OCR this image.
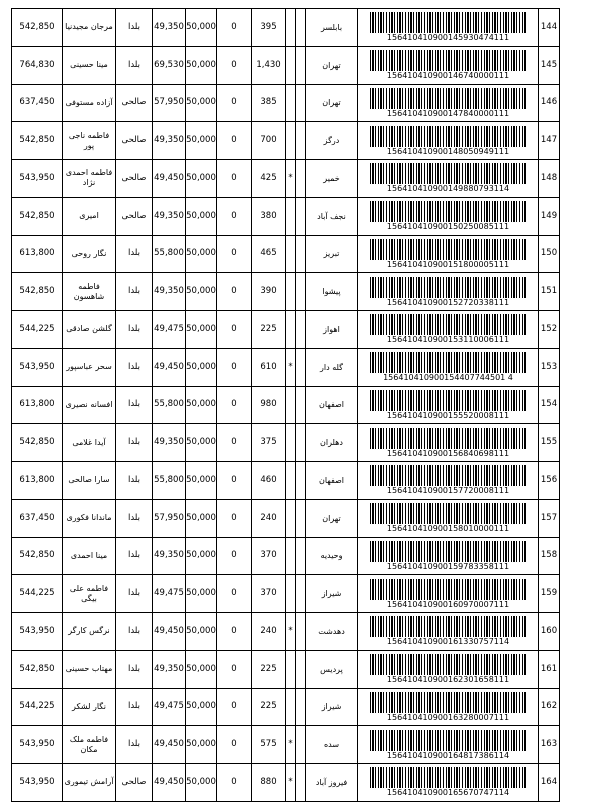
542,850	مرجان مجیدنیا	بلدا	49,350	50,000	0	395			بابلسر	156410410900145930474111	144
764,830	مینا حسینی	بلدا	69,530	50,000	0	1,430			تهران	156410410900146740000111	145
637,450	آزاده مستوفی	صالحی	57,950	50,000	0	385			تهران	156410410900147840000111	146
542,850	فاطمه ناجی پور	صالحی	49,350	50,000	0	700			درگز	156410410900148050949111	147
543,950	فاطمه احمدی نژاد	صالحی	49,450	50,000	0	425	*		خمیر	156410410900149880793114	148
542,850	امیری	صالحی	49,350	50,000	0	380			نجف آباد	156410410900150250085111	149
613,800	نگار روحی	بلدا	55,800	50,000	0	465			تبریز	156410410900151800005111	150
542,850	فاطمه شاهسون	بلدا	49,350	50,000	0	390			پیشوا	156410410900152720338111	151
544,225	گلشن صادقی	بلدا	49,475	50,000	0	225			اهواز	156410410900153110006111	152
543,950	سحر عباسپور	بلدا	49,450	50,000	0	610	*		گله دار	156410410900154407744501 4	153
613,800	افسانه نصیری	بلدا	55,800	50,000	0	980			اصفهان	156410410900155520008111	154
542,850	آیدا غلامی	بلدا	49,350	50,000	0	375			دهلران	156410410900156840698111	155
613,800	سارا صالحی	بلدا	55,800	50,000	0	460			اصفهان	156410410900157720008111	156
637,450	ماندانا فکوری	بلدا	57,950	50,000	0	240			تهران	156410410900158010000111	157
542,850	مینا احمدی	بلدا	49,350	50,000	0	370			وحیدیه	156410410900159783358111	158
544,225	فاطمه علی بیگی	بلدا	49,475	50,000	0	370			شیراز	156410410900160970007111	159
543,950	نرگس کارگر	بلدا	49,450	50,000	0	240	*		دهدشت	156410410900161330757114	160
542,850	مهتاب حسینی	بلدا	49,350	50,000	0	225			پردیس	156410410900162301658111	161
544,225	نگار لشکر	بلدا	49,475	50,000	0	225			شیراز	156410410900163280007111	162
543,950	فاطمه ملک مکان	بلدا	49,450	50,000	0	575	*		سده	156410410900164817386114	163
543,950	آرامش تیموری	صالحی	49,450	50,000	0	880	*		فیروز آباد	156410410900165670747114	164
